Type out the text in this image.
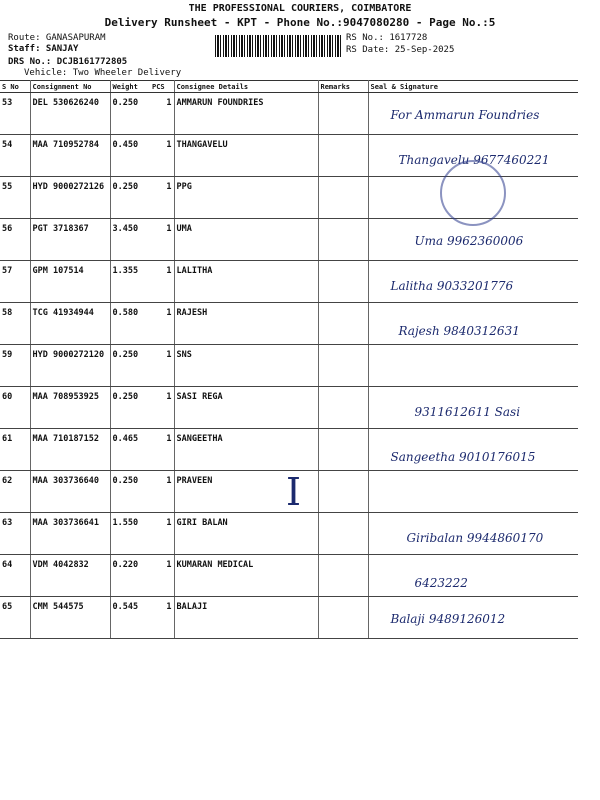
THE PROFESSIONAL COURIERS, COIMBATORE
Delivery Runsheet - KPT - Phone No.:9047080280 - Page No.:5
Route: GANASAPURAM
Staff: SANJAY
DRS No.: DCJB161772805
Vehicle: Two Wheeler Delivery
RS No.: 1617728
RS Date: 25-Sep-2025
S No	Consignment No	Weight	PCS	Consignee Details	Remarks	Seal & Signature
53	DEL 530626240	0.250	1	AMMARUN FOUNDRIES		For Ammarun Foundries
54	MAA 710952784	0.450	1	THANGAVELU		Thangavelu 9677460221
55	HYD 9000272126	0.250	1	PPG		
56	PGT 3718367	3.450	1	UMA		Uma 9962360006
57	GPM 107514	1.355	1	LALITHA		Lalitha 9033201776
58	TCG 41934944	0.580	1	RAJESH		Rajesh 9840312631
59	HYD 9000272120	0.250	1	SNS		
60	MAA 708953925	0.250	1	SASI REGA		9311612611 Sasi
61	MAA 710187152	0.465	1	SANGEETHA		Sangeetha 9010176015
62	MAA 303736640	0.250	1	PRAVEEN		
63	MAA 303736641	1.550	1	GIRI BALAN		Giribalan 9944860170
64	VDM 4042832	0.220	1	KUMARAN MEDICAL		6423222
65	CMM 544575	0.545	1	BALAJI		Balaji 9489126012
I
